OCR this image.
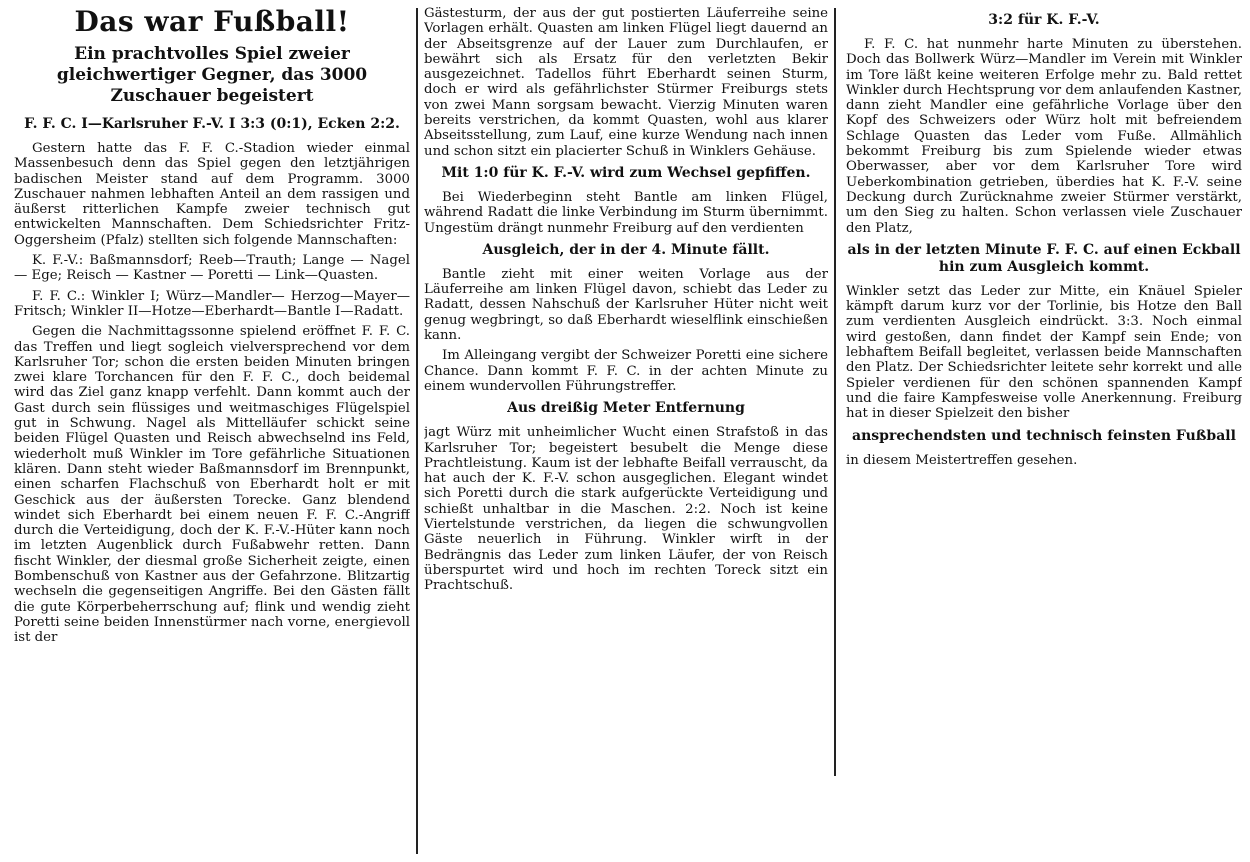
Das war Fußball!
Ein prachtvolles Spiel zweier gleichwertiger Gegner, das 3000 Zuschauer begeistert
F. F. C. I—Karlsruher F.-V. I 3:3 (0:1), Ecken 2:2.

Gestern hatte das F. F. C.-Stadion wieder einmal Massenbesuch denn das Spiel gegen den letztjährigen badischen Meister stand auf dem Programm. 3000 Zuschauer nahmen lebhaften Anteil an dem rassigen und äußerst ritterlichen Kampfe zweier technisch gut entwickelten Mannschaften. Dem Schiedsrichter Fritz-Oggersheim (Pfalz) stellten sich folgende Mannschaften:

K. F.-V.: Baßmannsdorf; Reeb—Trauth; Lange — Nagel — Ege; Reisch — Kastner — Poretti — Link—Quasten.

F. F. C.: Winkler I; Würz—Mandler— Herzog—Mayer—Fritsch; Winkler II—Hotze—Eberhardt—Bantle I—Radatt.

Gegen die Nachmittagssonne spielend eröffnet F. F. C. das Treffen und liegt sogleich vielversprechend vor dem Karlsruher Tor; schon die ersten beiden Minuten bringen zwei klare Torchancen für den F. F. C., doch beidemal wird das Ziel ganz knapp verfehlt. Dann kommt auch der Gast durch sein flüssiges und weitmaschiges Flügelspiel gut in Schwung. Nagel als Mittelläufer schickt seine beiden Flügel Quasten und Reisch abwechselnd ins Feld, wiederholt muß Winkler im Tore gefährliche Situationen klären. Dann steht wieder Baßmannsdorf im Brennpunkt, einen scharfen Flachschuß von Eberhardt holt er mit Geschick aus der äußersten Torecke. Ganz blendend windet sich Eberhardt bei einem neuen F. F. C.-Angriff durch die Verteidigung, doch der K. F.-V.-Hüter kann noch im letzten Augenblick durch Fußabwehr retten. Dann fischt Winkler, der diesmal große Sicherheit zeigte, einen Bombenschuß von Kastner aus der Gefahrzone. Blitzartig wechseln die gegenseitigen Angriffe. Bei den Gästen fällt die gute Körperbeherrschung auf; flink und wendig zieht Poretti seine beiden Innenstürmer nach vorne, energievoll ist der

Gästesturm, der aus der gut postierten Läuferreihe seine Vorlagen erhält. Quasten am linken Flügel liegt dauernd an der Abseitsgrenze auf der Lauer zum Durchlaufen, er bewährt sich als Ersatz für den verletzten Bekir ausgezeichnet. Tadellos führt Eberhardt seinen Sturm, doch er wird als gefährlichster Stürmer Freiburgs stets von zwei Mann sorgsam bewacht. Vierzig Minuten waren bereits verstrichen, da kommt Quasten, wohl aus klarer Abseitsstellung, zum Lauf, eine kurze Wendung nach innen und schon sitzt ein placierter Schuß in Winklers Gehäuse.

Mit 1:0 für K. F.-V. wird zum Wechsel gepfiffen.

Bei Wiederbeginn steht Bantle am linken Flügel, während Radatt die linke Verbindung im Sturm übernimmt. Ungestüm drängt nunmehr Freiburg auf den verdienten

Ausgleich, der in der 4. Minute fällt.

Bantle zieht mit einer weiten Vorlage aus der Läuferreihe am linken Flügel davon, schiebt das Leder zu Radatt, dessen Nahschuß der Karlsruher Hüter nicht weit genug wegbringt, so daß Eberhardt wieselflink einschießen kann.

Im Alleingang vergibt der Schweizer Poretti eine sichere Chance. Dann kommt F. F. C. in der achten Minute zu einem wundervollen Führungstreffer.

Aus dreißig Meter Entfernung

jagt Würz mit unheimlicher Wucht einen Strafstoß in das Karlsruher Tor; begeistert besubelt die Menge diese Prachtleistung. Kaum ist der lebhafte Beifall verrauscht, da hat auch der K. F.-V. schon ausgeglichen. Elegant windet sich Poretti durch die stark aufgerückte Verteidigung und schießt unhaltbar in die Maschen. 2:2. Noch ist keine Viertelstunde verstrichen, da liegen die schwungvollen Gäste neuerlich in Führung. Winkler wirft in der Bedrängnis das Leder zum linken Läufer, der von Reisch überspurtet wird und hoch im rechten Toreck sitzt ein Prachtschuß.

3:2 für K. F.-V.

F. F. C. hat nunmehr harte Minuten zu überstehen. Doch das Bollwerk Würz—Mandler im Verein mit Winkler im Tore läßt keine weiteren Erfolge mehr zu. Bald rettet Winkler durch Hechtsprung vor dem anlaufenden Kastner, dann zieht Mandler eine gefährliche Vorlage über den Kopf des Schweizers oder Würz holt mit befreiendem Schlage Quasten das Leder vom Fuße. Allmählich bekommt Freiburg bis zum Spielende wieder etwas Oberwasser, aber vor dem Karlsruher Tore wird Ueberkombination getrieben, überdies hat K. F.-V. seine Deckung durch Zurücknahme zweier Stürmer verstärkt, um den Sieg zu halten. Schon verlassen viele Zuschauer den Platz,

als in der letzten Minute F. F. C. auf einen Eckball hin zum Ausgleich kommt.

Winkler setzt das Leder zur Mitte, ein Knäuel Spieler kämpft darum kurz vor der Torlinie, bis Hotze den Ball zum verdienten Ausgleich eindrückt. 3:3. Noch einmal wird gestoßen, dann findet der Kampf sein Ende; von lebhaftem Beifall begleitet, verlassen beide Mannschaften den Platz. Der Schiedsrichter leitete sehr korrekt und alle Spieler verdienen für den schönen spannenden Kampf und die faire Kampfesweise volle Anerkennung. Freiburg hat in dieser Spielzeit den bisher

ansprechendsten und technisch feinsten Fußball

in diesem Meistertreffen gesehen.
